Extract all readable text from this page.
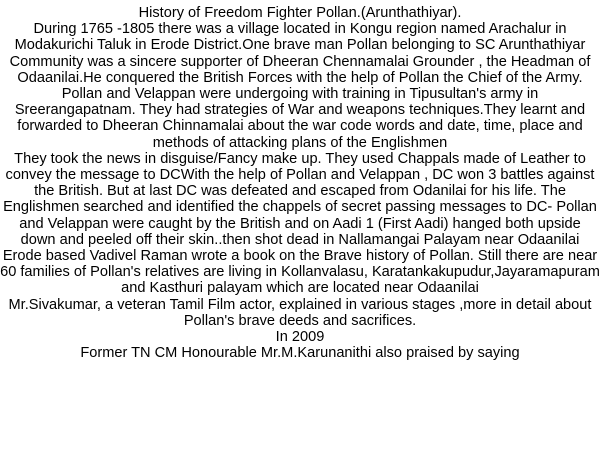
History of Freedom Fighter Pollan.(Arunthathiyar).

During 1765 -1805 there was a village located in Kongu region named Arachalur in Modakurichi Taluk in Erode District.One brave man Pollan belonging to SC Arunthathiyar Community was a sincere supporter of Dheeran Chennamalai Grounder , the Headman of Odaanilai.He conquered the British Forces with the help of Pollan the Chief of the Army.

Pollan and Velappan were undergoing with training in Tipusultan's army in Sreerangapatnam. They had strategies of War and weapons techniques.They learnt and forwarded to Dheeran Chinnamalai about the war code words and date, time, place and methods of attacking plans of the Englishmen

They took the news in disguise/Fancy make up. They used Chappals made of Leather to convey the message to DCWith the help of Pollan and Velappan , DC won 3 battles against the British. But at last DC was defeated and escaped from Odanilai for his life. The Englishmen searched and identified the chappels of secret passing messages to DC- Pollan and Velappan were caught by the British and on Aadi 1 (First Aadi) hanged both upside down and peeled off their skin..then shot dead in Nallamangai Palayam near Odaanilai

Erode based Vadivel Raman wrote a book on the Brave history of Pollan. Still there are near 60 families of Pollan's relatives are living in Kollanvalasu, Karatankakupudur,Jayaramapuram and Kasthuri palayam which are located near Odaanilai

Mr.Sivakumar, a veteran Tamil Film actor, explained in various stages ,more in detail about Pollan's brave deeds and sacrifices.

In 2009

Former TN CM Honourable Mr.M.Karunanithi also praised by saying
